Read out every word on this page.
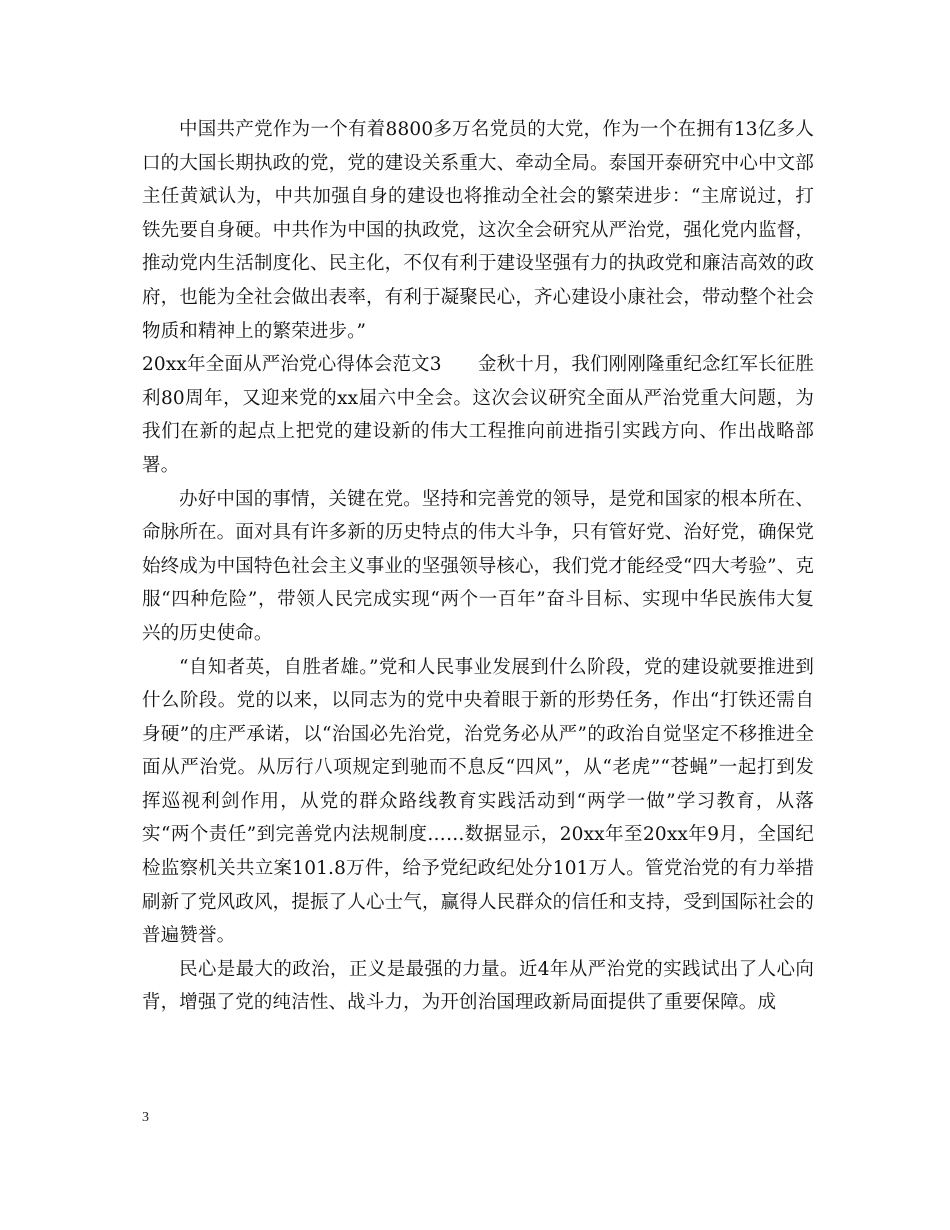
中国共产党作为一个有着8800多万名党员的大党，作为一个在拥有13亿多人口的大国长期执政的党，党的建设关系重大、牵动全局。泰国开泰研究中心中文部主任黄斌认为，中共加强自身的建设也将推动全社会的繁荣进步：“主席说过，打铁先要自身硬。中共作为中国的执政党，这次全会研究从严治党，强化党内监督，推动党内生活制度化、民主化，不仅有利于建设坚强有力的执政党和廉洁高效的政府，也能为全社会做出表率，有利于凝聚民心，齐心建设小康社会，带动整个社会物质和精神上的繁荣进步。”

20xx年全面从严治党心得体会范文3 金秋十月，我们刚刚隆重纪念红军长征胜利80周年，又迎来党的xx届六中全会。这次会议研究全面从严治党重大问题，为我们在新的起点上把党的建设新的伟大工程推向前进指引实践方向、作出战略部署。

办好中国的事情，关键在党。坚持和完善党的领导，是党和国家的根本所在、命脉所在。面对具有许多新的历史特点的伟大斗争，只有管好党、治好党，确保党始终成为中国特色社会主义事业的坚强领导核心，我们党才能经受“四大考验”、克服“四种危险”，带领人民完成实现“两个一百年”奋斗目标、实现中华民族伟大复兴的历史使命。

“自知者英，自胜者雄。”党和人民事业发展到什么阶段，党的建设就要推进到什么阶段。党的以来，以同志为的党中央着眼于新的形势任务，作出“打铁还需自身硬”的庄严承诺，以“治国必先治党，治党务必从严”的政治自觉坚定不移推进全面从严治党。从厉行八项规定到驰而不息反“四风”，从“老虎”“苍蝇”一起打到发挥巡视利剑作用，从党的群众路线教育实践活动到“两学一做”学习教育，从落实“两个责任”到完善党内法规制度……数据显示，20xx年至20xx年9月，全国纪检监察机关共立案101.8万件，给予党纪政纪处分101万人。管党治党的有力举措刷新了党风政风，提振了人心士气，赢得人民群众的信任和支持，受到国际社会的普遍赞誉。

民心是最大的政治，正义是最强的力量。近4年从严治党的实践试出了人心向背，增强了党的纯洁性、战斗力，为开创治国理政新局面提供了重要保障。成

3
